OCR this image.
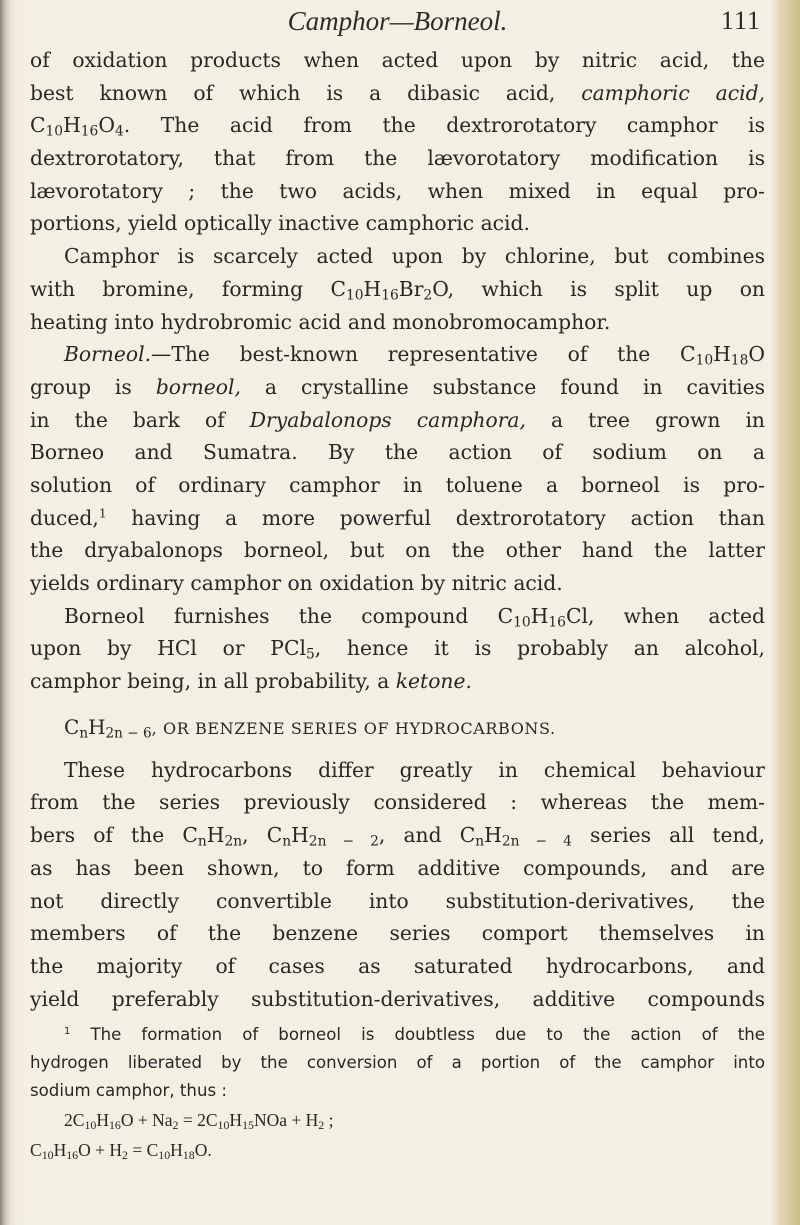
Camphor—Borneol.	111
of oxidation products when acted upon by nitric acid, the
best known of which is a dibasic acid, camphoric acid,
$C_{10}H_{16}O_4$. The acid from the dextrorotatory camphor is
dextrorotatory, that from the lævorotatory modification is
lævorotatory ; the two acids, when mixed in equal pro-
portions, yield optically inactive camphoric acid.
Camphor is scarcely acted upon by chlorine, but combines
with bromine, forming $C_{10}H_{16}Br_2O$, which is split up on
heating into hydrobromic acid and monobromocamphor.
Borneol.—The best-known representative of the $C_{10}H_{18}O$
group is borneol, a crystalline substance found in cavities
in the bark of Dryabalonops camphora, a tree grown in
Borneo and Sumatra. By the action of sodium on a
solution of ordinary camphor in toluene a borneol is pro-
duced,$^1$ having a more powerful dextrorotatory action than
the dryabalonops borneol, but on the other hand the latter
yields ordinary camphor on oxidation by nitric acid.
Borneol furnishes the compound $C_{10}H_{16}Cl$, when acted
upon by HCl or PCl$_5$, hence it is probably an alcohol,
camphor being, in all probability, a ketone.
$C_nH_{2n - 6}$, OR BENZENE SERIES OF HYDROCARBONS.
These hydrocarbons differ greatly in chemical behaviour
from the series previously considered : whereas the mem-
bers of the $C_nH_{2n}$, $C_nH_{2n - 2}$, and $C_nH_{2n - 4}$ series all tend,
as has been shown, to form additive compounds, and are
not directly convertible into substitution-derivatives, the
members of the benzene series comport themselves in
the majority of cases as saturated hydrocarbons, and
yield preferably substitution-derivatives, additive compounds
$^1$ The formation of borneol is doubtless due to the action of the
hydrogen liberated by the conversion of a portion of the camphor into
sodium camphor, thus :
$2C_{10}H_{16}O + Na_2 = 2C_{10}H_{15}NOa + H_2$ ;
$C_{10}H_{16}O + H_2 = C_{10}H_{18}O$.
